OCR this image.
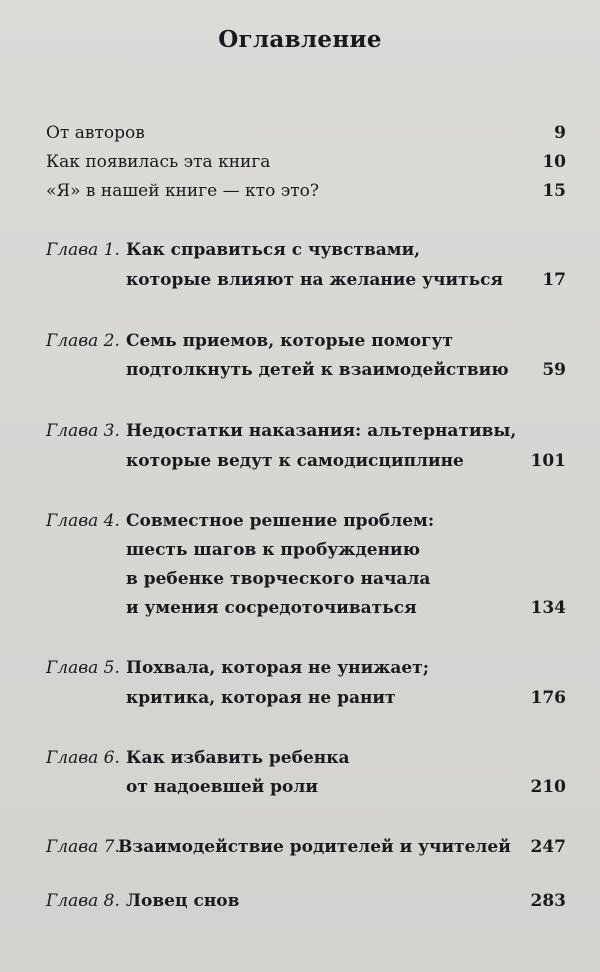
Оглавление
От авторов	9
Как появилась эта книга	10
«Я» в нашей книге — кто это?	15
Глава 1. Как справиться с чувствами,
которые влияют на желание учиться 17
Глава 2. Семь приемов, которые помогут
подтолкнуть детей к взаимодействию 59
Глава 3. Недостатки наказания: альтернативы,
которые ведут к самодисциплине	101
Глава 4. Совместное решение проблем:
шесть шагов к пробуждению
в ребенке творческого начала
и умения сосредоточиваться	134
Глава 5. Похвала, которая не унижает;
критика, которая не ранит	176
Глава 6. Как избавить ребенка
от надоевшей роли	210
Глава 7.
Взаимодействие родителей и учителей 247
Глава 8. Ловец снов	283
